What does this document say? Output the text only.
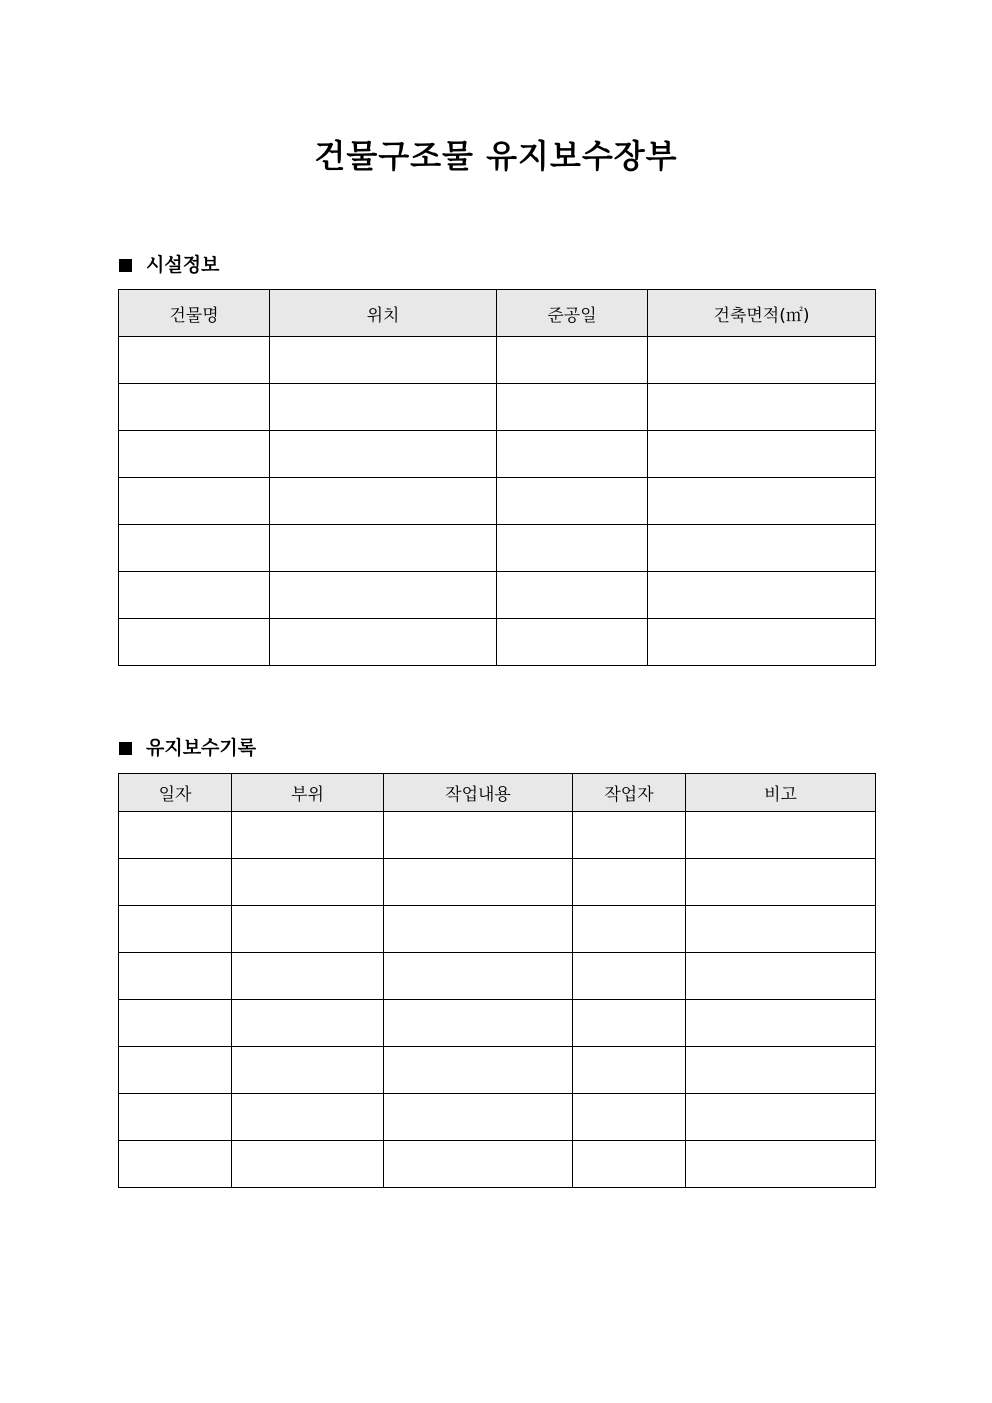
건물구조물 유지보수장부
시설정보
건물명	위치	준공일	건축면적(㎡)

유지보수기록
일자	부위	작업내용	작업자	비고
